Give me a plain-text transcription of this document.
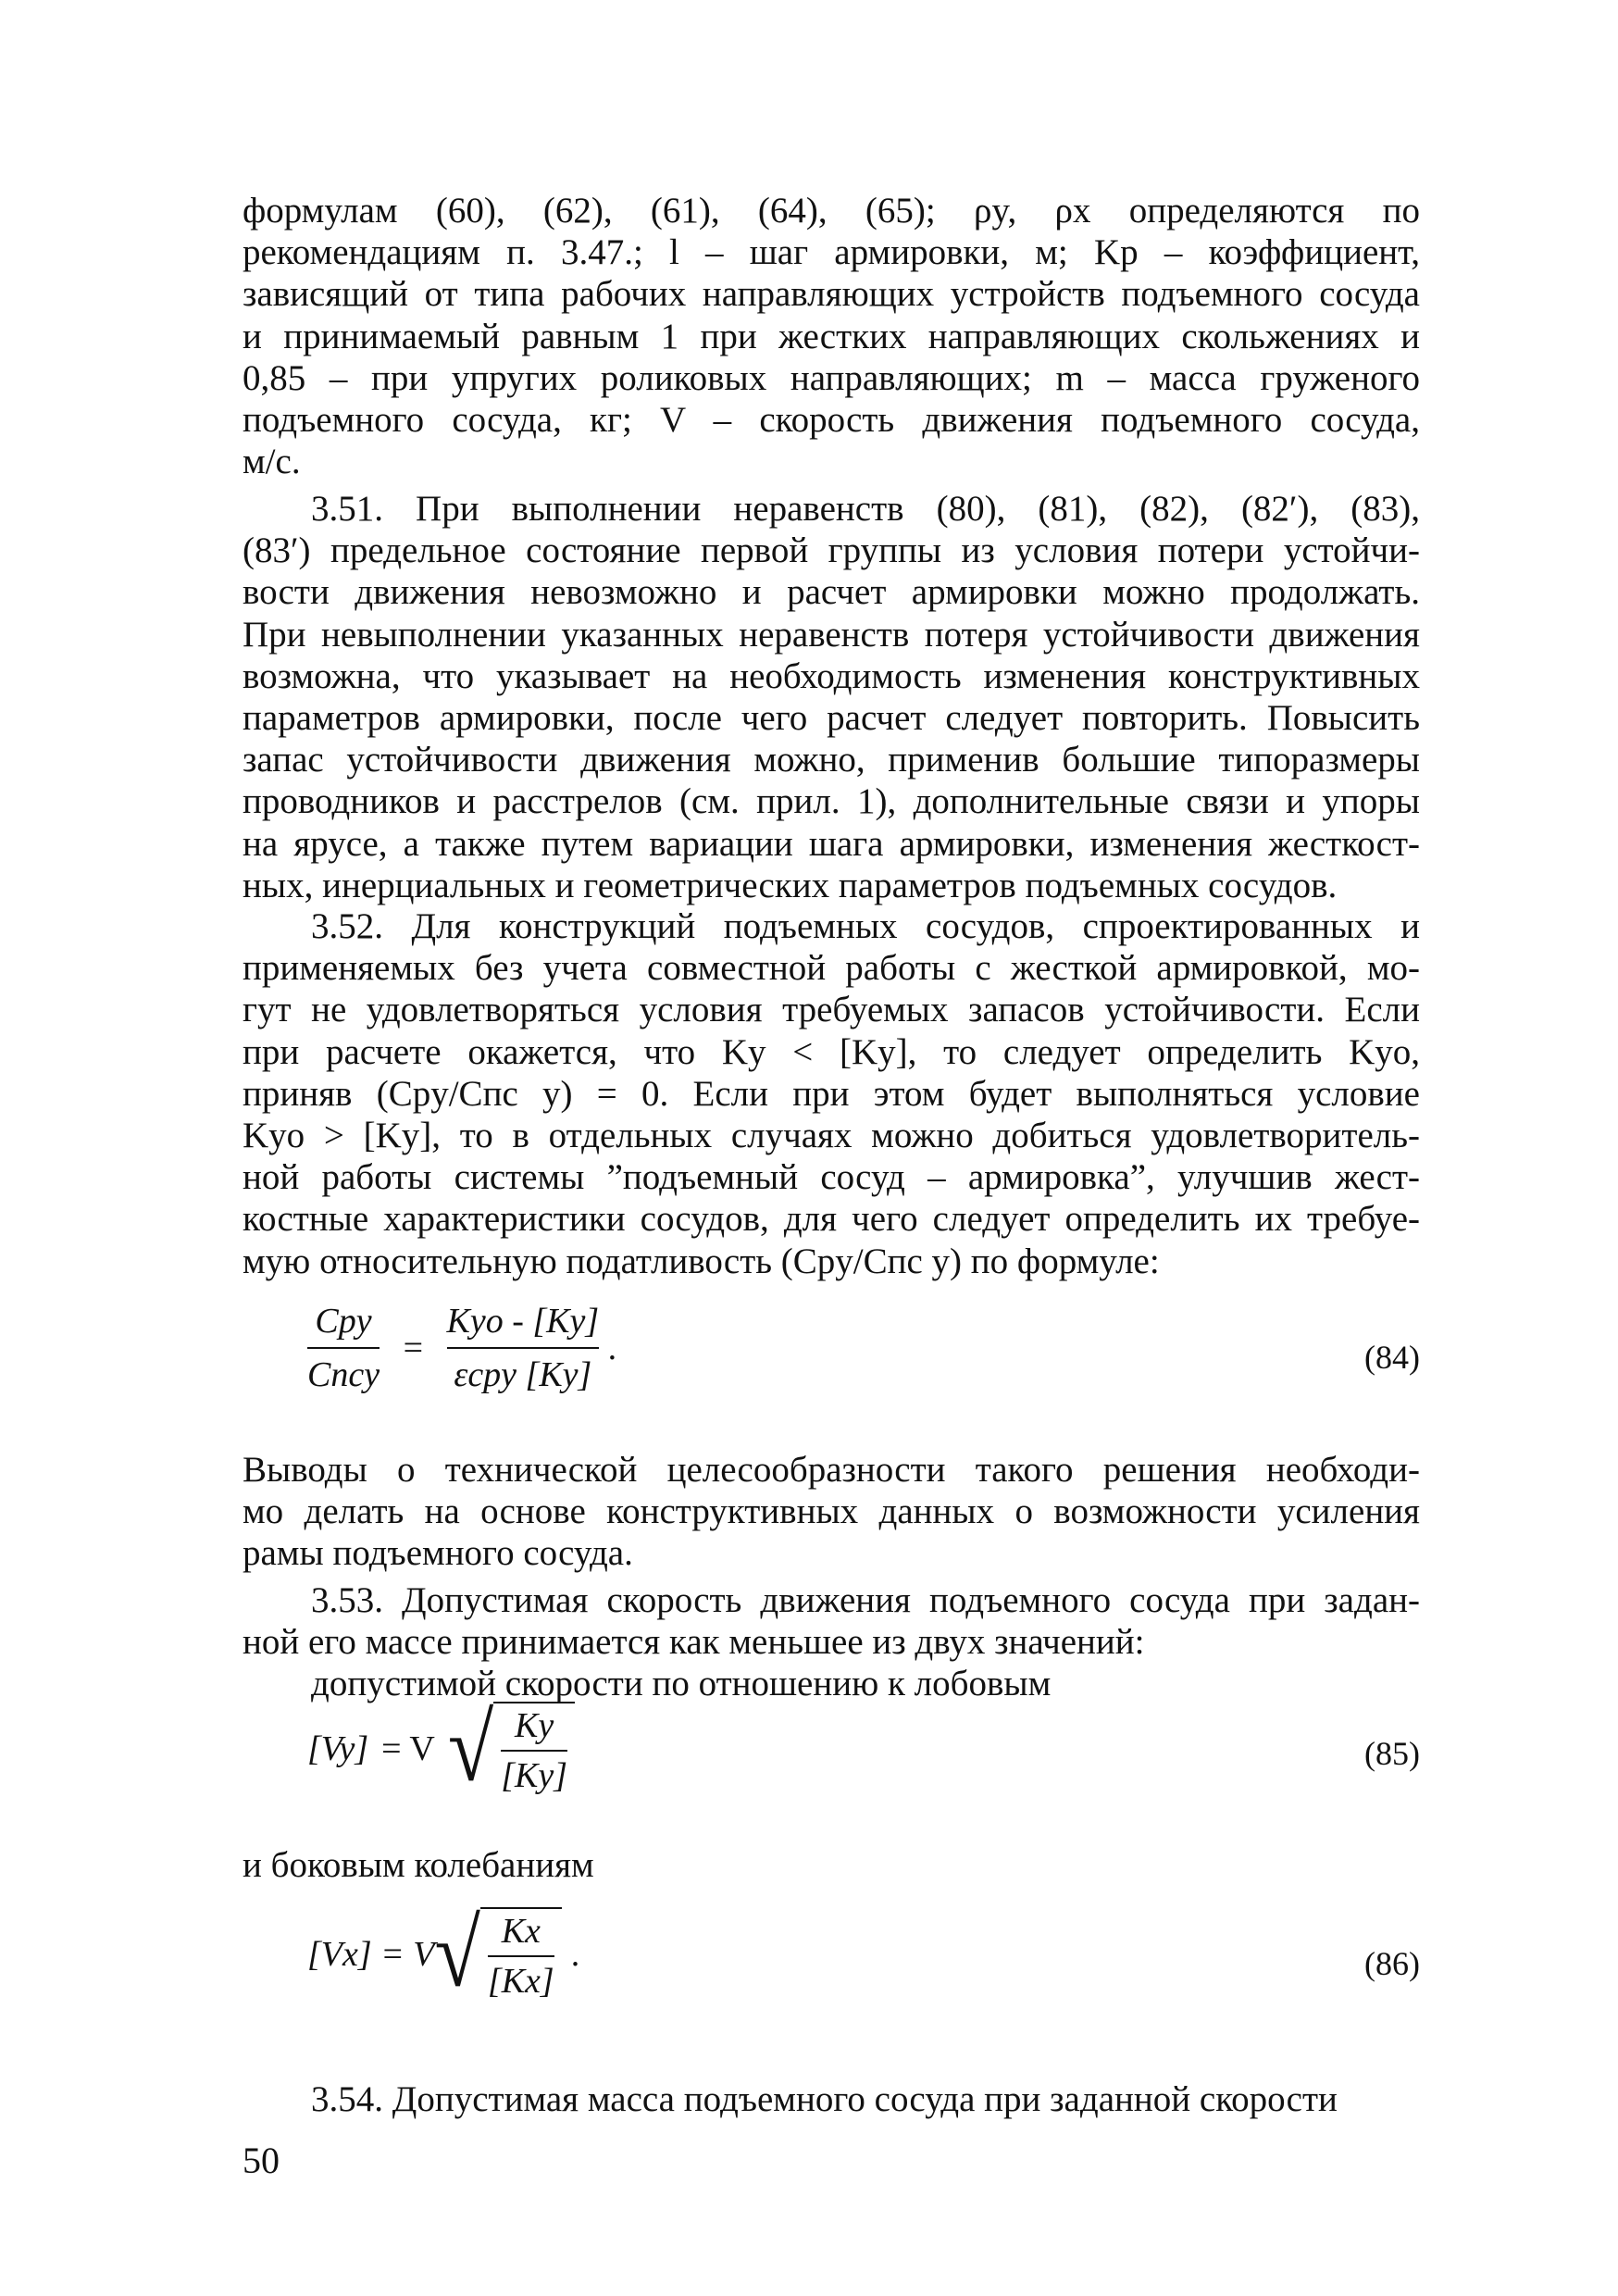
формулам (60), (62), (61), (64), (65); ρy, ρx определяются по
рекомендациям п. 3.47.; l – шаг армировки, м; Kp – коэффициент,
зависящий от типа рабочих направляющих устройств подъемного сосуда
и принимаемый равным 1 при жестких направляющих скольжениях и
0,85 – при упругих роликовых направляющих; m – масса груженого
подъемного сосуда, кг; V – скорость движения подъемного сосуда,
м/с.
3.51. При выполнении неравенств (80), (81), (82), (82′), (83),
(83′) предельное состояние первой группы из условия потери устойчи-
вости движения невозможно и расчет армировки можно продолжать.
При невыполнении указанных неравенств потеря устойчивости движения
возможна, что указывает на необходимость изменения конструктивных
параметров армировки, после чего расчет следует повторить. Повысить
запас устойчивости движения можно, применив большие типоразмеры
проводников и расстрелов (см. прил. 1), дополнительные связи и упоры
на ярусе, а также путем вариации шага армировки, изменения жесткост-
ных, инерциальных и геометрических параметров подъемных сосудов.
3.52. Для конструкций подъемных сосудов, спроектированных и
применяемых без учета совместной работы с жесткой армировкой, мо-
гут не удовлетворяться условия требуемых запасов устойчивости. Если
при расчете окажется, что Ky < [Ky], то следует определить Kyo,
приняв (Cpy/Cпс y) = 0. Если при этом будет выполняться условие
Kyo > [Ky], то в отдельных случаях можно добиться удовлетворитель-
ной работы системы ”подъемный сосуд – армировка”, улучшив жест-
костные характеристики сосудов, для чего следует определить их требуе-
мую относительную податливость (Cpy/Cпс y) по формуле:
$\frac{\text{Cpy}}{\text{Cпсy}} = \frac{\text{Kyo - [Ky]}}{\text{εcpy [Ky]}}$ .	(84)
Выводы о технической целесообразности такого решения необходи-
мо делать на основе конструктивных данных о возможности усиления
рамы подъемного сосуда.
3.53. Допустимая скорость движения подъемного сосуда при задан-
ной его массе принимается как меньшее из двух значений:
допустимой скорости по отношению к лобовым
[Vy] = V √ Ky
[Ky]
(85)
и боковым колебаниям
[Vx] = V √ Kx
[Kx]
.	(86)
3.54. Допустимая масса подъемного сосуда при заданной скорости
50
